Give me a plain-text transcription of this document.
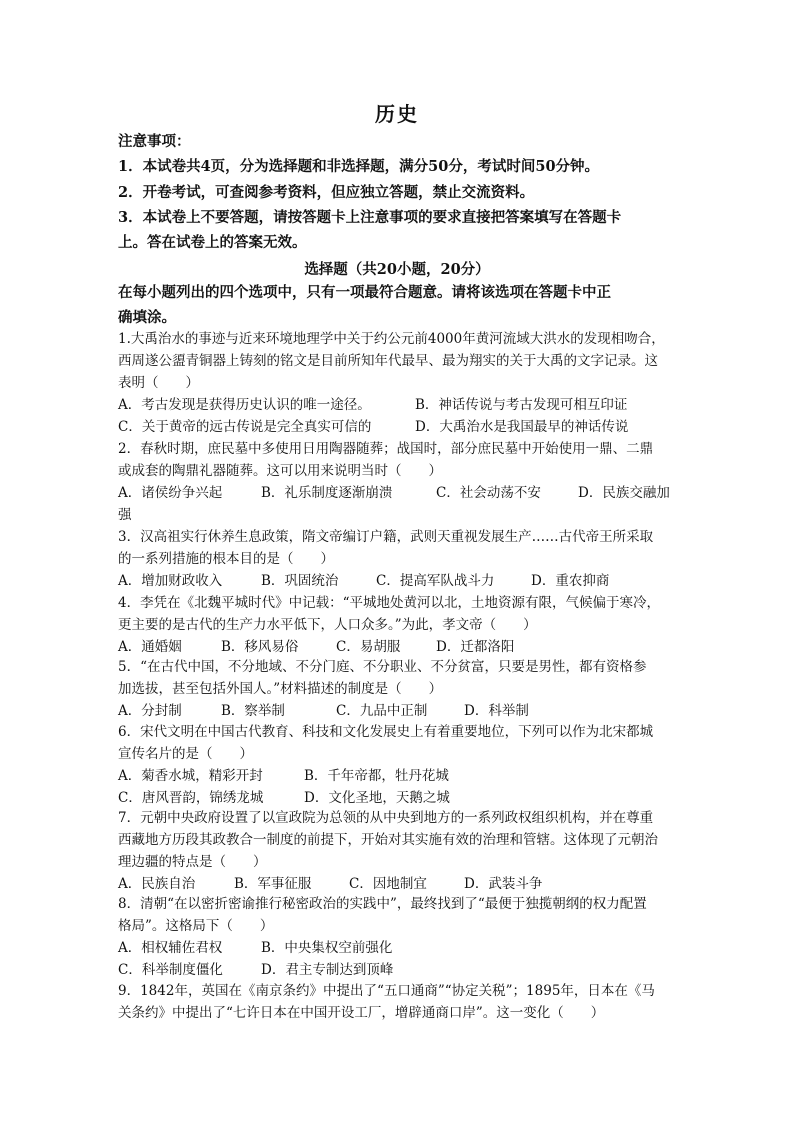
历史
注意事项：
1．本试卷共4页，分为选择题和非选择题，满分50分，考试时间50分钟。
2．开卷考试，可查阅参考资料，但应独立答题，禁止交流资料。
3．本试卷上不要答题，请按答题卡上注意事项的要求直接把答案填写在答题卡
上。答在试卷上的答案无效。
选择题（共20小题，20分）
在每小题列出的四个选项中，只有一项最符合题意。请将该选项在答题卡中正
确填涂。
1.大禹治水的事迹与近来环境地理学中关于约公元前4000年黄河流域大洪水的发现相吻合，
西周遂公盨青铜器上铸刻的铭文是目前所知年代最早、最为翔实的关于大禹的文字记录。这
表明（　　）
A．考古发现是获得历史认识的唯一途径。	B．神话传说与考古发现可相互印证
C．关于黄帝的远古传说是完全真实可信的	D．大禹治水是我国最早的神话传说
2．春秋时期，庶民墓中多使用日用陶器随葬；战国时，部分庶民墓中开始使用一鼎、二鼎
或成套的陶鼎礼器随葬。这可以用来说明当时（　　）
A．诸侯纷争兴起	B．礼乐制度逐渐崩溃	C．社会动荡不安	D．民族交融加
强
3．汉高祖实行休养生息政策，隋文帝编订户籍，武则天重视发展生产……古代帝王所采取
的一系列措施的根本目的是（　　）
A．增加财政收入	B．巩固统治	C．提高军队战斗力	D．重农抑商
4．李凭在《北魏平城时代》中记载：“平城地处黄河以北，土地资源有限，气候偏于寒冷，
更主要的是古代的生产力水平低下，人口众多。”为此，孝文帝（　　）
A．通婚姻	B．移风易俗	C．易胡服	D．迁都洛阳
5．“在古代中国，不分地域、不分门庭、不分职业、不分贫富，只要是男性，都有资格参
加选拔，甚至包括外国人。”材料描述的制度是（　　）
A．分封制	B．察举制	C．九品中正制	D．科举制
6．宋代文明在中国古代教育、科技和文化发展史上有着重要地位，下列可以作为北宋都城
宣传名片的是（　　）
A．菊香水城，精彩开封	B．千年帝都，牡丹花城
C．唐风晋韵，锦绣龙城	D．文化圣地，天鹅之城
7．元朝中央政府设置了以宣政院为总领的从中央到地方的一系列政权组织机构，并在尊重
西藏地方历段其政教合一制度的前提下，开始对其实施有效的治理和管辖。这体现了元朝治
理边疆的特点是（　　）
A．民族自治	B．军事征服	C．因地制宜	D．武装斗争
8．清朝“在以密折密谕推行秘密政治的实践中”，最终找到了“最便于独揽朝纲的权力配置
格局”。这格局下（　　）
A．相权辅佐君权	B．中央集权空前强化
C．科举制度僵化	D．君主专制达到顶峰
9．1842年，英国在《南京条约》中提出了“五口通商”“协定关税”；1895年，日本在《马
关条约》中提出了“七许日本在中国开设工厂，增辟通商口岸”。这一变化（　　）
